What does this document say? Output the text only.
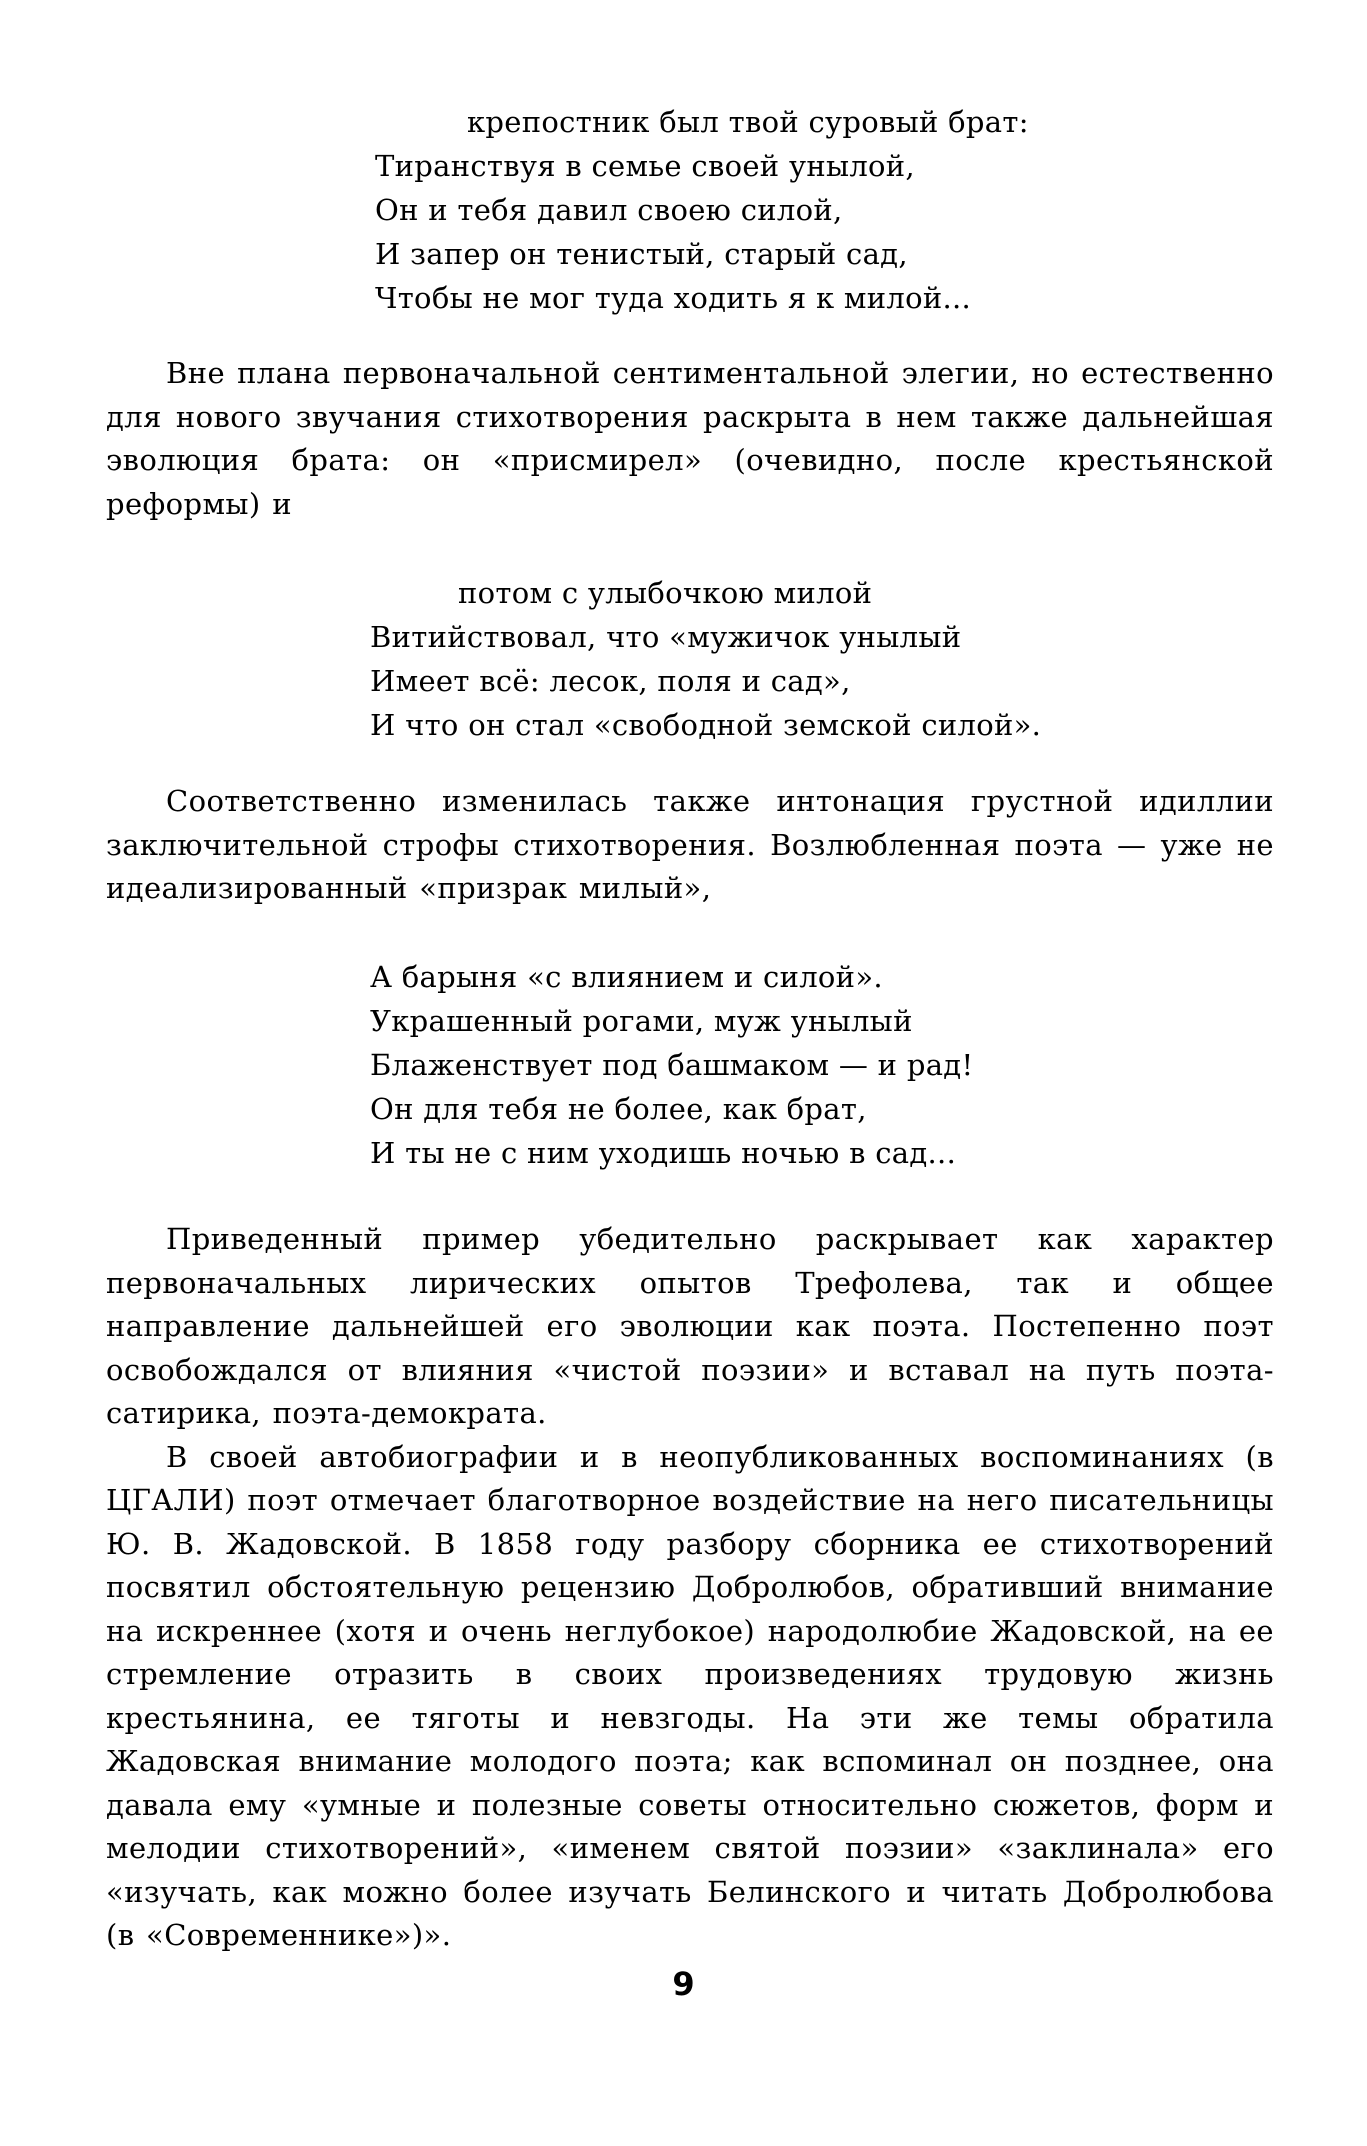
крепостник был твой суровый брат:
Тиранствуя в семье своей унылой,
Он и тебя давил своею силой,
И запер он тенистый, старый сад,
Чтобы не мог туда ходить я к милой...

Вне плана первоначальной сентиментальной элегии, но естественно для нового звучания стихотворения раскрыта в нем также дальнейшая эволюция брата: он «присмирел» (очевидно, после крестьянской реформы) и

потом с улыбочкою милой
Витийствовал, что «мужичок унылый
Имеет всё: лесок, поля и сад»,
И что он стал «свободной земской силой».

Соответственно изменилась также интонация грустной идиллии заключительной строфы стихотворения. Возлюбленная поэта — уже не идеализированный «призрак милый»,

А барыня «с влиянием и силой».
Украшенный рогами, муж унылый
Блаженствует под башмаком — и рад!
Он для тебя не более, как брат,
И ты не с ним уходишь ночью в сад...

Приведенный пример убедительно раскрывает как характер первоначальных лирических опытов Трефолева, так и общее направление дальнейшей его эволюции как поэта. Постепенно поэт освобождался от влияния «чистой поэзии» и вставал на путь поэта-сатирика, поэта-демократа.

В своей автобиографии и в неопубликованных воспоминаниях (в ЦГАЛИ) поэт отмечает благотворное воздействие на него писательницы Ю. В. Жадовской. В 1858 году разбору сборника ее стихотворений посвятил обстоятельную рецензию Добролюбов, обративший внимание на искреннее (хотя и очень неглубокое) народолюбие Жадовской, на ее стремление отразить в своих произведениях трудовую жизнь крестьянина, ее тяготы и невзгоды. На эти же темы обратила Жадовская внимание молодого поэта; как вспоминал он позднее, она давала ему «умные и полезные советы относительно сюжетов, форм и мелодии стихотворений», «именем святой поэзии» «заклинала» его «изучать, как можно более изучать Белинского и читать Добролюбова (в «Современнике»)».

9
